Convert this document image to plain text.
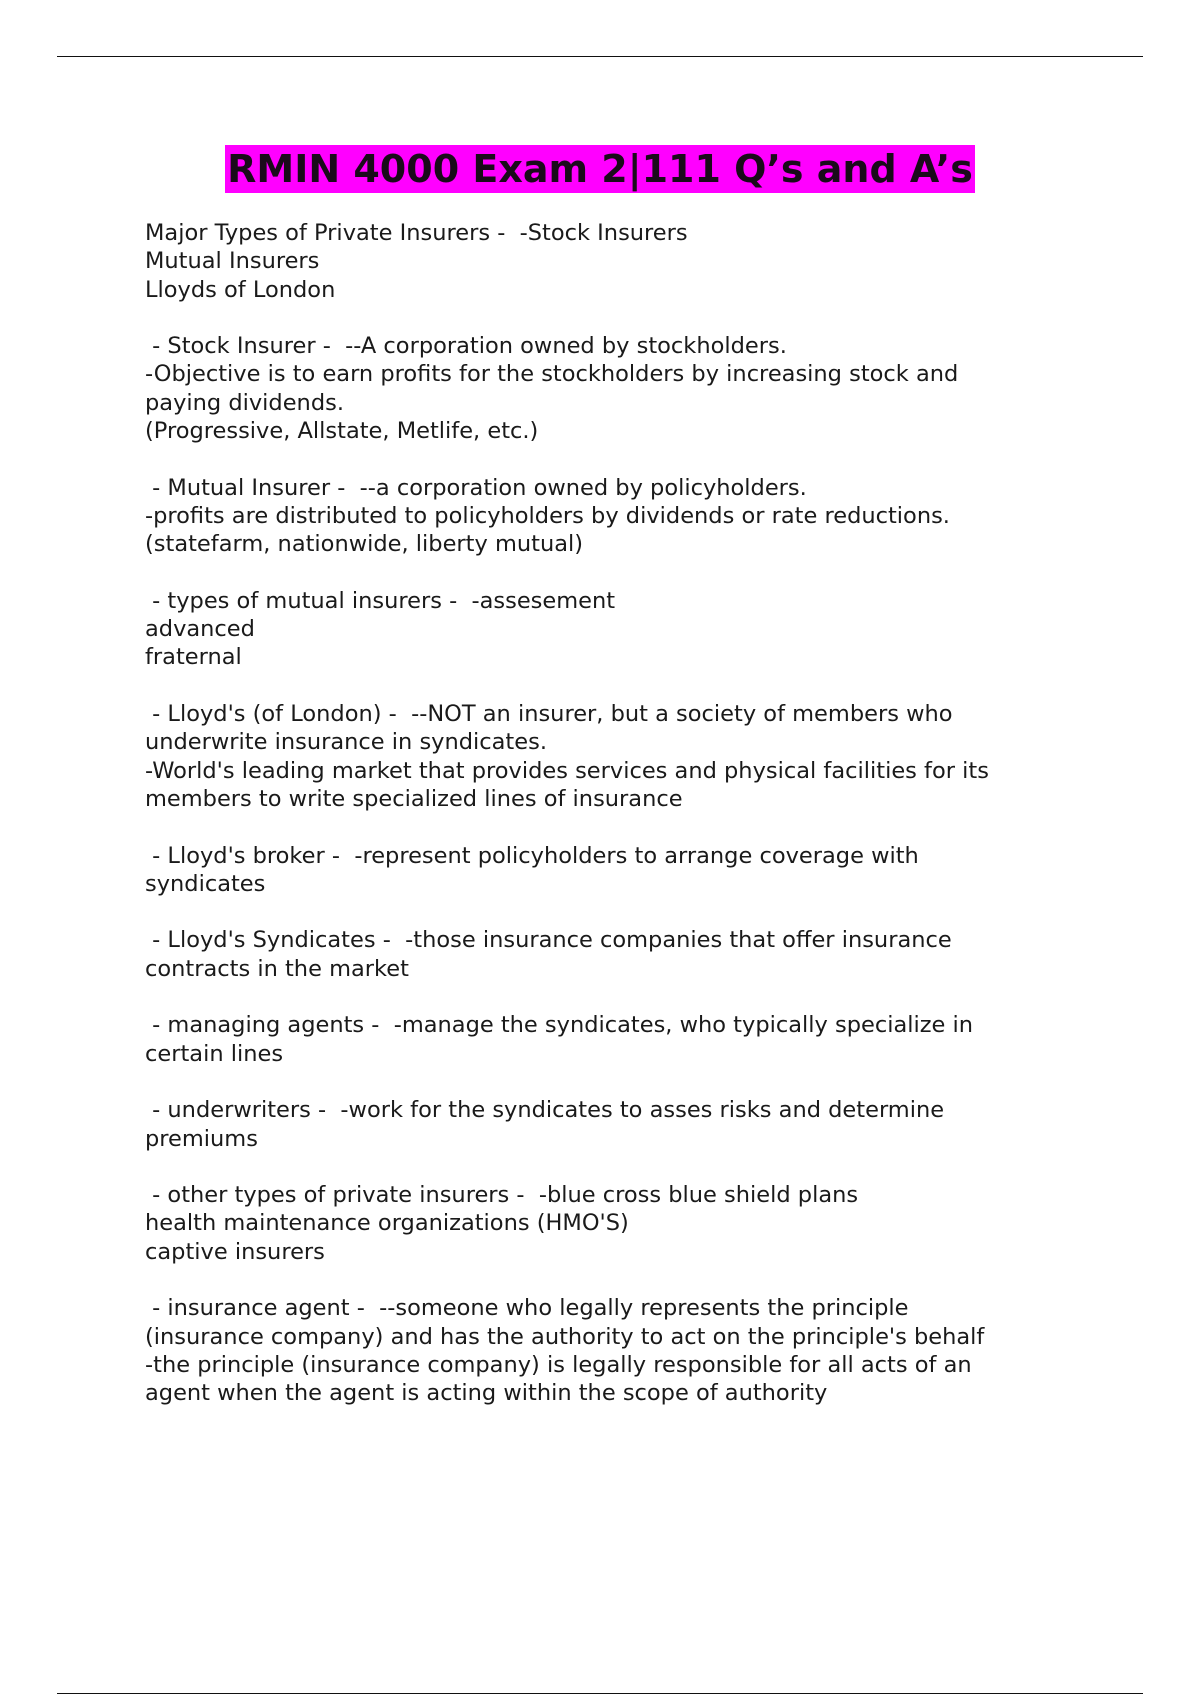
RMIN 4000 Exam 2|111 Q’s and A’s
Major Types of Private Insurers -  -Stock Insurers
Mutual Insurers
Lloyds of London
- Stock Insurer -  --A corporation owned by stockholders.
-Objective is to earn profits for the stockholders by increasing stock and
paying dividends.
(Progressive, Allstate, Metlife, etc.)
- Mutual Insurer -  --a corporation owned by policyholders.
-profits are distributed to policyholders by dividends or rate reductions.
(statefarm, nationwide, liberty mutual)
- types of mutual insurers -  -assesement
advanced
fraternal
- Lloyd's (of London) -  --NOT an insurer, but a society of members who
underwrite insurance in syndicates.
-World's leading market that provides services and physical facilities for its
members to write specialized lines of insurance
- Lloyd's broker -  -represent policyholders to arrange coverage with
syndicates
- Lloyd's Syndicates -  -those insurance companies that offer insurance
contracts in the market
- managing agents -  -manage the syndicates, who typically specialize in
certain lines
- underwriters -  -work for the syndicates to asses risks and determine
premiums
- other types of private insurers -  -blue cross blue shield plans
health maintenance organizations (HMO'S)
captive insurers
- insurance agent -  --someone who legally represents the principle
(insurance company) and has the authority to act on the principle's behalf
-the principle (insurance company) is legally responsible for all acts of an
agent when the agent is acting within the scope of authority
